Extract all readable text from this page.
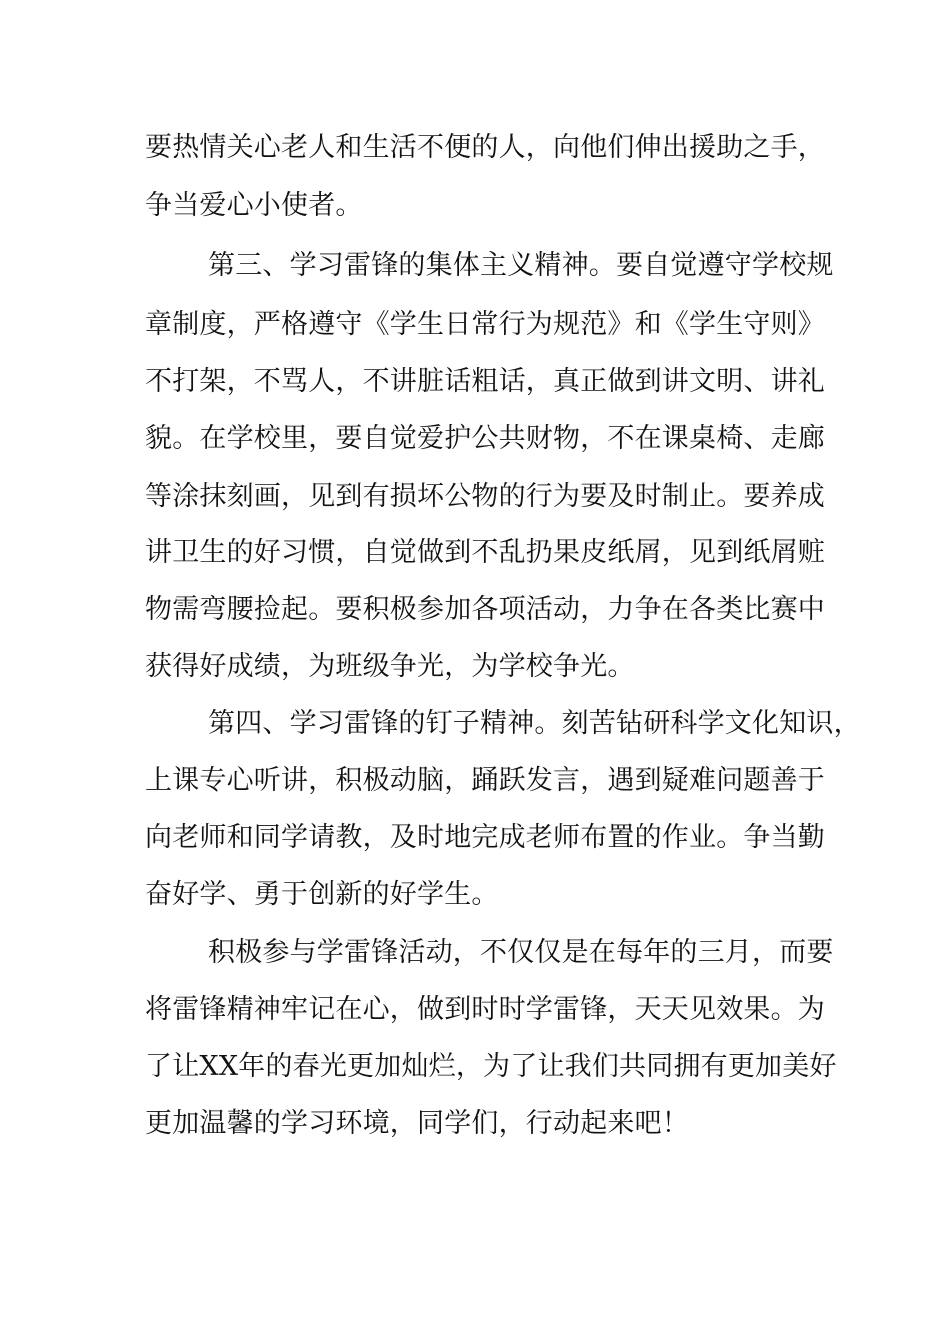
要热情关心老人和生活不便的人，向他们伸出援助之手，
争当爱心小使者。
第三、学习雷锋的集体主义精神。要自觉遵守学校规
章制度，严格遵守《学生日常行为规范》和《学生守则》
不打架，不骂人，不讲脏话粗话，真正做到讲文明、讲礼
貌。在学校里，要自觉爱护公共财物，不在课桌椅、走廊
等涂抹刻画，见到有损坏公物的行为要及时制止。要养成
讲卫生的好习惯，自觉做到不乱扔果皮纸屑，见到纸屑赃
物需弯腰捡起。要积极参加各项活动，力争在各类比赛中
获得好成绩，为班级争光，为学校争光。
第四、学习雷锋的钉子精神。刻苦钻研科学文化知识，
上课专心听讲，积极动脑，踊跃发言，遇到疑难问题善于
向老师和同学请教，及时地完成老师布置的作业。争当勤
奋好学、勇于创新的好学生。
积极参与学雷锋活动，不仅仅是在每年的三月，而要
将雷锋精神牢记在心，做到时时学雷锋，天天见效果。为
了让XX年的春光更加灿烂，为了让我们共同拥有更加美好
更加温馨的学习环境，同学们，行动起来吧！
